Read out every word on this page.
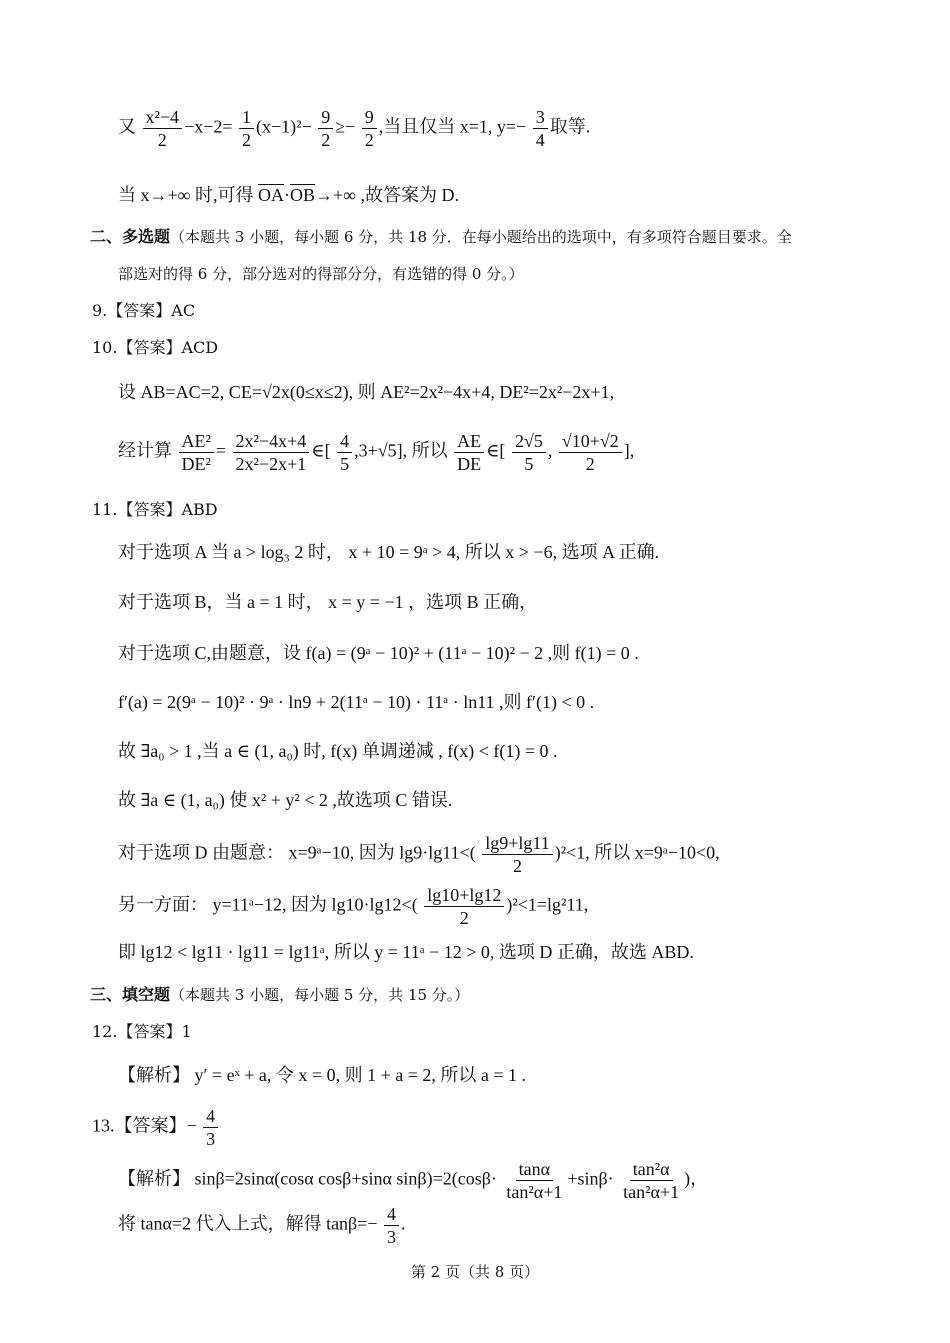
又 $\frac{\text{x²−4}}{2} -x-2= \frac{1}{2} (x-1)^2- \frac{9}{2} \ge- \frac{9}{2}$ ,当且仅当 x=1, $y=- \frac{3}{4}$ 取等.
当 x→+∞ 时,可得 $\overline{OA}\cdot\overline{OB}\to+\infty$ ,故答案为 D.
二、多选题（本题共 3 小题，每小题 6 分，共 18 分．在每小题给出的选项中，有多项符合题目要求。全
部选对的得 6 分，部分选对的得部分分，有选错的得 0 分。）
9.【答案】AC
10.【答案】ACD
设 AB=AC=2, CE=√2x(0≤x≤2), 则 AE²=2x²−4x+4, DE²=2x²−2x+1,
经计算 $\frac{\text{AE²}}{\text{DE²}} = \frac{\text{2x²−4x+4}}{\text{2x²−2x+1}}$ ∈[ $\frac{4}{5} ,3+√5$], 所以 $\frac{AE}{DE}$ ∈[ $\frac{2√5}{5}$ , $\frac{√10+√2}{2}$ ],
11.【答案】ABD
对于选项 A 当 a > log₃ 2 时， x + 10 = 9ᵃ > 4, 所以 x > −6, 选项 A 正确.
对于选项 B，当 a = 1 时， x = y = −1 ，选项 B 正确，
对于选项 C,由题意，设 f(a) = (9ᵃ − 10)² + (11ᵃ − 10)² − 2 ,则 f(1) = 0 .
f′(a) = 2(9ᵃ − 10)² · 9ᵃ · ln9 + 2(11ᵃ − 10) · 11ᵃ · ln11 ,则 f′(1) < 0 .
故 ∃a₀ > 1 ,当 a ∈ (1, a₀) 时, f(x) 单调递减 , f(x) < f(1) = 0 .
故 ∃a ∈ (1, a₀) 使 x² + y² < 2 ,故选项 C 错误.
对于选项 D 由题意： x=9ᵃ−10, 因为 $\lg 9\cdot\lg 11<( \frac{\lg 9+\lg 11}{2} )^2<1$, 所以 x=9ᵃ−10<0,
另一方面： y=11ᵃ−12, 因为 $\lg 10\cdot\lg 12<( \frac{\lg 10+\lg 12}{2} )^2<1=\lg^211$,
即 lg12 < lg11 · lg11 = lg11ᵃ, 所以 y = 11ᵃ − 12 > 0, 选项 D 正确，故选 ABD.
三、填空题（本题共 3 小题，每小题 5 分，共 15 分。）
12.【答案】1
【解析】 y′ = eˣ + a, 令 x = 0, 则 1 + a = 2, 所以 a = 1 .
13.【答案】− $\frac{4}{3}$
【解析】 sinβ=2sinα(cosα cosβ+sinα $\sin\beta)=2(\cos\beta\cdot \frac{\tan\alpha}{\text{tan²α+1}} +\sin\beta\cdot \frac{\text{tan²α}}{\text{tan²α+1}}$ )，
将 tanα=2 代入上式，解得 $\tan\beta=- \frac{4}{3}$ .
第 2 页（共 8 页）
